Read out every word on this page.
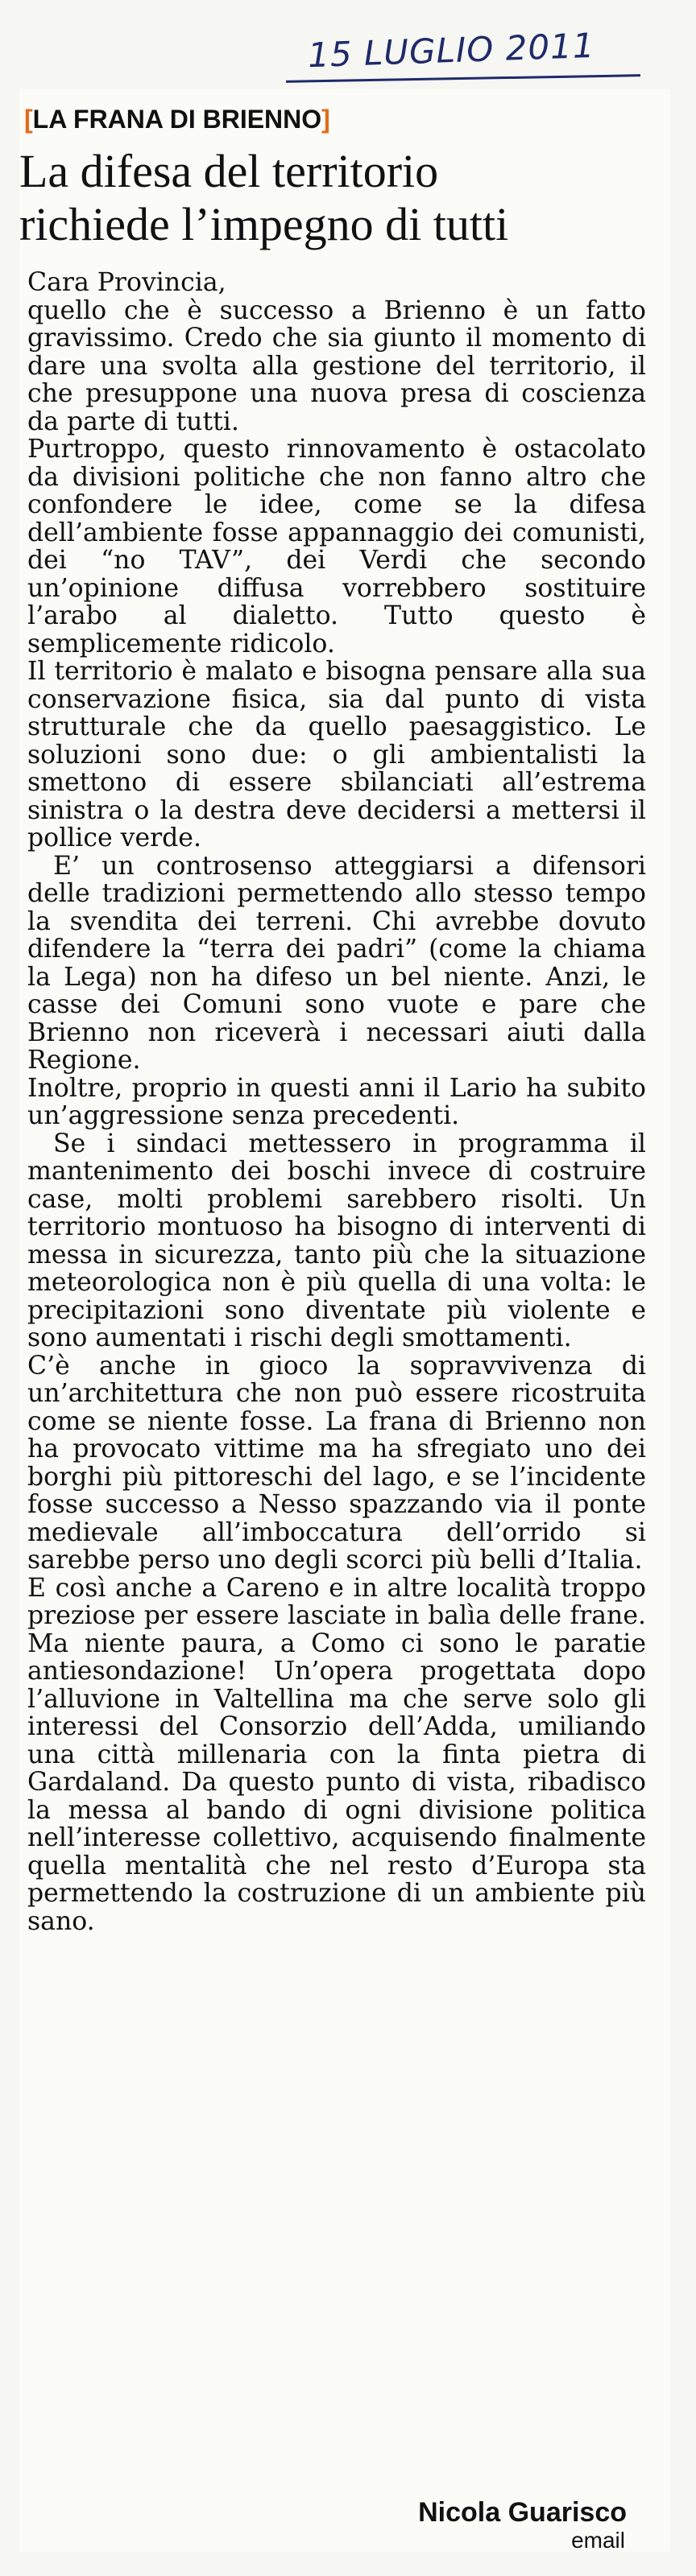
15 LUGLIO 2011
[LA FRANA DI BRIENNO]
La difesa del territorio
richiede l’impegno di tutti

Cara Provincia,

quello che è successo a Brienno è un fatto gravissimo. Credo che sia giunto il momento di dare una svolta alla gestione del territorio, il che presuppone una nuova presa di coscienza da parte di tutti.

Purtroppo, questo rinnovamento è ostacolato da divisioni politiche che non fanno altro che confondere le idee, come se la difesa dell’ambiente fosse appannaggio dei comunisti, dei “no TAV”, dei Verdi che secondo un’opinione diffusa vorrebbero sostituire l’arabo al dialetto. Tutto questo è semplicemente ridicolo.

Il territorio è malato e bisogna pensare alla sua conservazione fisica, sia dal punto di vista strutturale che da quello paesaggistico. Le soluzioni sono due: o gli ambientalisti la smettono di essere sbilanciati all’estrema sinistra o la destra deve decidersi a mettersi il pollice verde.

E’ un controsenso atteggiarsi a difensori delle tradizioni permettendo allo stesso tempo la svendita dei terreni. Chi avrebbe dovuto difendere la “terra dei padri” (come la chiama la Lega) non ha difeso un bel niente. Anzi, le casse dei Comuni sono vuote e pare che Brienno non riceverà i necessari aiuti dalla Regione.

Inoltre, proprio in questi anni il Lario ha subito un’aggressione senza precedenti.

Se i sindaci mettessero in programma il mantenimento dei boschi invece di costruire case, molti problemi sarebbero risolti. Un territorio montuoso ha bisogno di interventi di messa in sicurezza, tanto più che la situazione meteorologica non è più quella di una volta: le precipitazioni sono diventate più violente e sono aumentati i rischi degli smottamenti.

C’è anche in gioco la sopravvivenza di un’architettura che non può essere ricostruita come se niente fosse. La frana di Brienno non ha provocato vittime ma ha sfregiato uno dei borghi più pittoreschi del lago, e se l’incidente fosse successo a Nesso spazzando via il ponte medievale all’imboccatura dell’orrido si sarebbe perso uno degli scorci più belli d’Italia.

E così anche a Careno e in altre località troppo preziose per essere lasciate in balìa delle frane. Ma niente paura, a Como ci sono le paratie antiesondazione! Un’opera progettata dopo l’alluvione in Valtellina ma che serve solo gli interessi del Consorzio dell’Adda, umiliando una città millenaria con la finta pietra di Gardaland. Da questo punto di vista, ribadisco la messa al bando di ogni divisione politica nell’interesse collettivo, acquisendo finalmente quella mentalità che nel resto d’Europa sta permettendo la costruzione di un ambiente più sano.

Nicola Guarisco
email
